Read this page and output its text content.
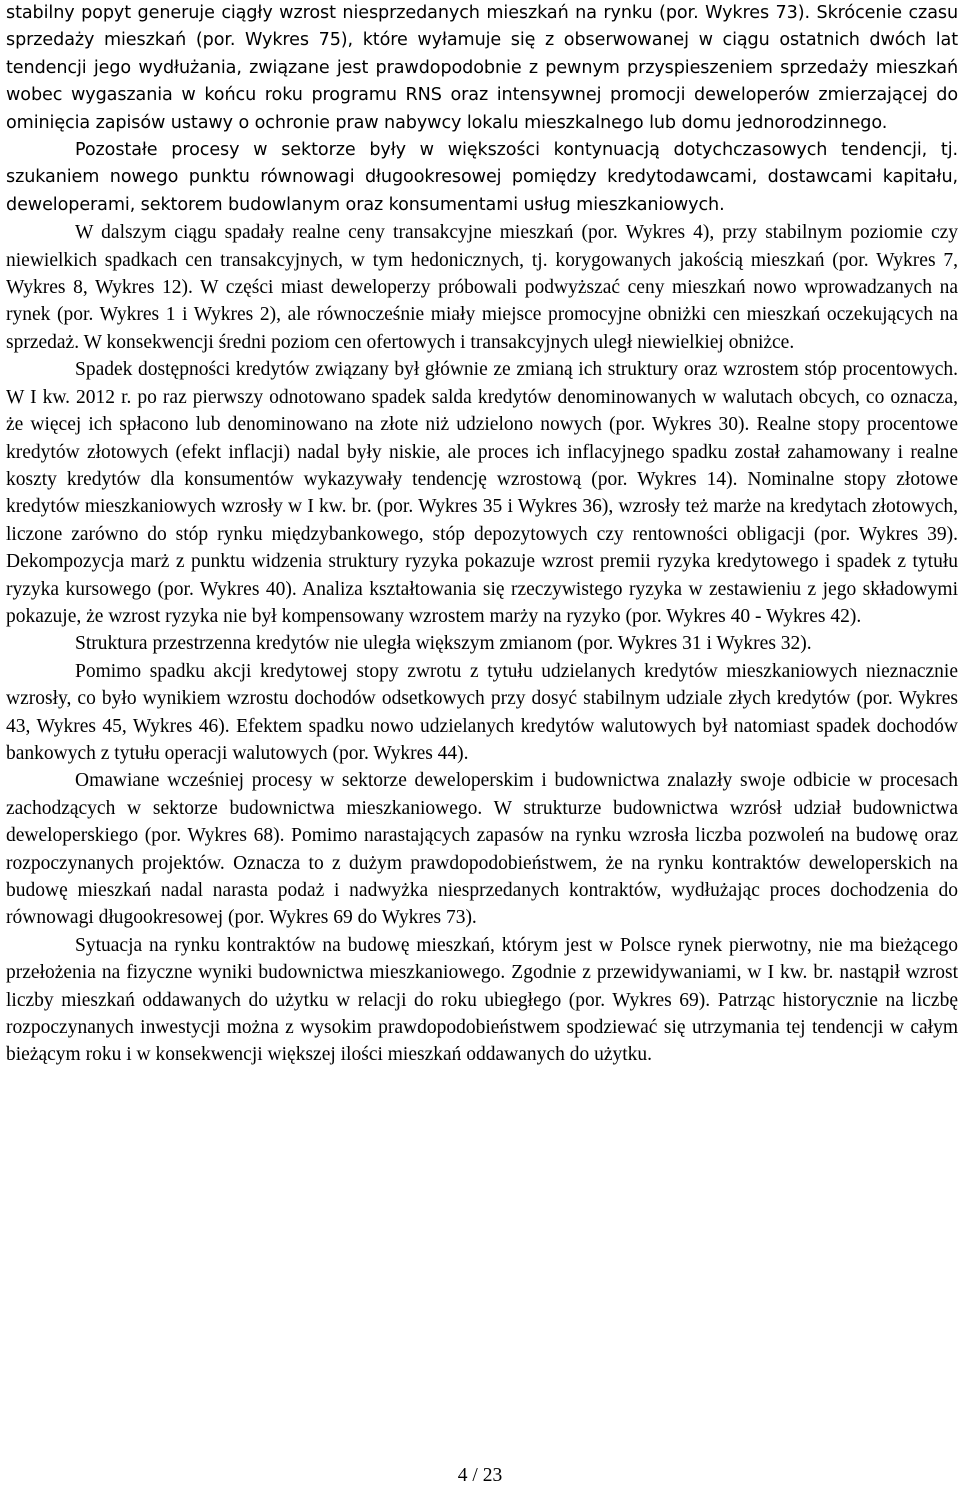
stabilny popyt generuje ciągły wzrost niesprzedanych mieszkań na rynku (por. Wykres 73). Skrócenie czasu sprzedaży mieszkań (por. Wykres 75), które wyłamuje się z obserwowanej w ciągu ostatnich dwóch lat tendencji jego wydłużania, związane jest prawdopodobnie z pewnym przyspieszeniem sprzedaży mieszkań wobec wygaszania w końcu roku programu RNS oraz intensywnej promocji deweloperów zmierzającej do ominięcia zapisów ustawy o ochronie praw nabywcy lokalu mieszkalnego lub domu jednorodzinnego.

Pozostałe procesy w sektorze były w większości kontynuacją dotychczasowych tendencji, tj. szukaniem nowego punktu równowagi długookresowej pomiędzy kredytodawcami, dostawcami kapitału, deweloperami, sektorem budowlanym oraz konsumentami usług mieszkaniowych.

W dalszym ciągu spadały realne ceny transakcyjne mieszkań (por. Wykres 4), przy stabilnym poziomie czy niewielkich spadkach cen transakcyjnych, w tym hedonicznych, tj. korygowanych jakością mieszkań (por. Wykres 7, Wykres 8, Wykres 12). W części miast deweloperzy próbowali podwyższać ceny mieszkań nowo wprowadzanych na rynek (por. Wykres 1 i Wykres 2), ale równocześnie miały miejsce promocyjne obniżki cen mieszkań oczekujących na sprzedaż. W konsekwencji średni poziom cen ofertowych i transakcyjnych uległ niewielkiej obniżce.

Spadek dostępności kredytów związany był głównie ze zmianą ich struktury oraz wzrostem stóp procentowych. W I kw. 2012 r. po raz pierwszy odnotowano spadek salda kredytów denominowanych w walutach obcych, co oznacza, że więcej ich spłacono lub denominowano na złote niż udzielono nowych (por. Wykres 30). Realne stopy procentowe kredytów złotowych (efekt inflacji) nadal były niskie, ale proces ich inflacyjnego spadku został zahamowany i realne koszty kredytów dla konsumentów wykazywały tendencję wzrostową (por. Wykres 14). Nominalne stopy złotowe kredytów mieszkaniowych wzrosły w I kw. br. (por. Wykres 35 i Wykres 36), wzrosły też marże na kredytach złotowych, liczone zarówno do stóp rynku międzybankowego, stóp depozytowych czy rentowności obligacji (por. Wykres 39). Dekompozycja marż z punktu widzenia struktury ryzyka pokazuje wzrost premii ryzyka kredytowego i spadek z tytułu ryzyka kursowego (por. Wykres 40). Analiza kształtowania się rzeczywistego ryzyka w zestawieniu z jego składowymi pokazuje, że wzrost ryzyka nie był kompensowany wzrostem marży na ryzyko (por. Wykres 40 - Wykres 42).

Struktura przestrzenna kredytów nie uległa większym zmianom (por. Wykres 31 i Wykres 32).

Pomimo spadku akcji kredytowej stopy zwrotu z tytułu udzielanych kredytów mieszkaniowych nieznacznie wzrosły, co było wynikiem wzrostu dochodów odsetkowych przy dosyć stabilnym udziale złych kredytów (por. Wykres 43, Wykres 45, Wykres 46). Efektem spadku nowo udzielanych kredytów walutowych był natomiast spadek dochodów bankowych z tytułu operacji walutowych (por. Wykres 44).

Omawiane wcześniej procesy w sektorze deweloperskim i budownictwa znalazły swoje odbicie w procesach zachodzących w sektorze budownictwa mieszkaniowego. W strukturze budownictwa wzrósł udział budownictwa deweloperskiego (por. Wykres 68). Pomimo narastających zapasów na rynku wzrosła liczba pozwoleń na budowę oraz rozpoczynanych projektów. Oznacza to z dużym prawdopodobieństwem, że na rynku kontraktów deweloperskich na budowę mieszkań nadal narasta podaż i nadwyżka niesprzedanych kontraktów, wydłużając proces dochodzenia do równowagi długookresowej (por. Wykres 69 do Wykres 73).

Sytuacja na rynku kontraktów na budowę mieszkań, którym jest w Polsce rynek pierwotny, nie ma bieżącego przełożenia na fizyczne wyniki budownictwa mieszkaniowego. Zgodnie z przewidywaniami, w I kw. br. nastąpił wzrost liczby mieszkań oddawanych do użytku w relacji do roku ubiegłego (por. Wykres 69). Patrząc historycznie na liczbę rozpoczynanych inwestycji można z wysokim prawdopodobieństwem spodziewać się utrzymania tej tendencji w całym bieżącym roku i w konsekwencji większej ilości mieszkań oddawanych do użytku.

4 / 23
